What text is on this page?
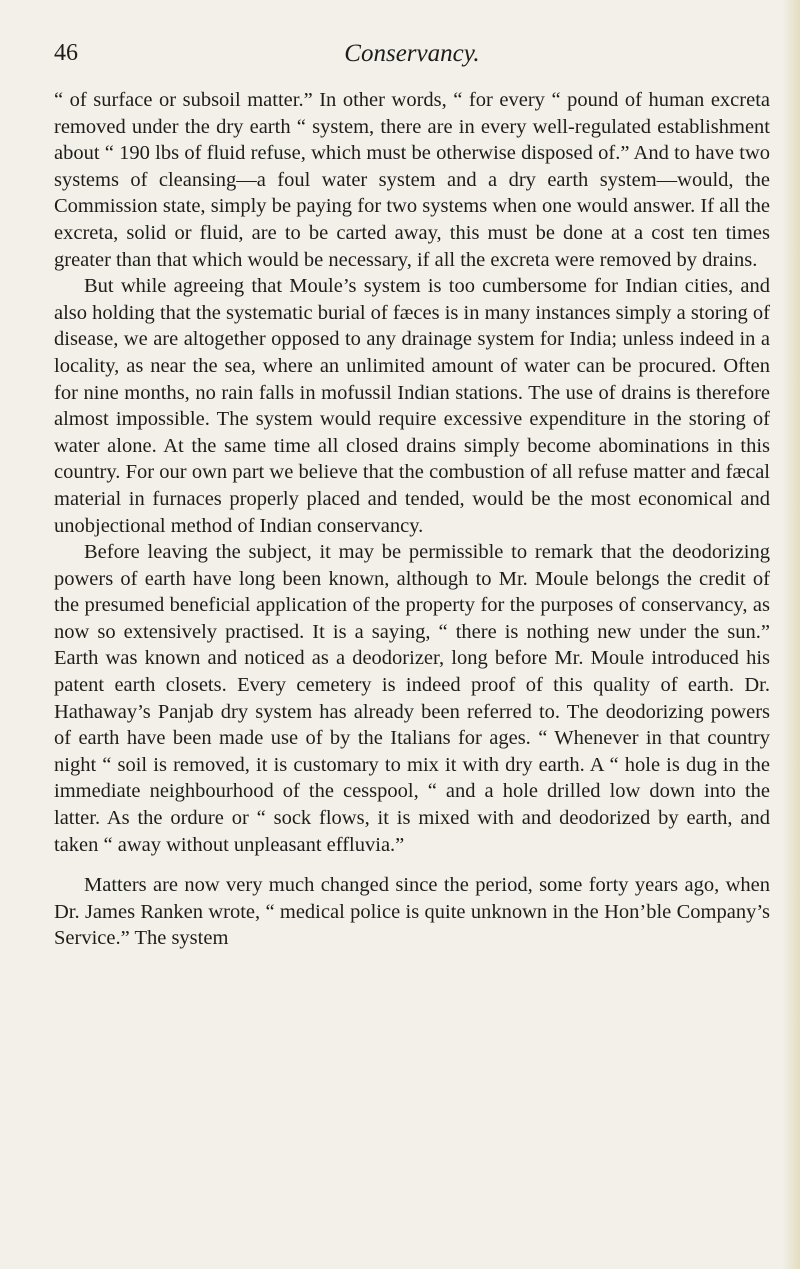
46	Conservancy.

“ of surface or subsoil matter.” In other words, “ for every “ pound of human excreta removed under the dry earth “ system, there are in every well-regulated establishment about “ 190 lbs of fluid refuse, which must be otherwise disposed of.” And to have two systems of cleansing—a foul water system and a dry earth system—would, the Commission state, simply be paying for two systems when one would answer. If all the excreta, solid or fluid, are to be carted away, this must be done at a cost ten times greater than that which would be necessary, if all the excreta were removed by drains.

But while agreeing that Moule’s system is too cumbersome for Indian cities, and also holding that the systematic burial of fæces is in many instances simply a storing of disease, we are altogether opposed to any drainage system for India; unless indeed in a locality, as near the sea, where an unlimited amount of water can be procured. Often for nine months, no rain falls in mofussil Indian stations. The use of drains is therefore almost impossible. The system would require excessive expenditure in the storing of water alone. At the same time all closed drains simply become abominations in this country. For our own part we believe that the combustion of all refuse matter and fæcal material in furnaces properly placed and tended, would be the most economical and unobjectional method of Indian conservancy.

Before leaving the subject, it may be permissible to remark that the deodorizing powers of earth have long been known, although to Mr. Moule belongs the credit of the presumed beneficial application of the property for the purposes of conservancy, as now so extensively practised. It is a saying, “ there is nothing new under the sun.” Earth was known and noticed as a deodorizer, long before Mr. Moule introduced his patent earth closets. Every cemetery is indeed proof of this quality of earth. Dr. Hathaway’s Panjab dry system has already been referred to. The deodorizing powers of earth have been made use of by the Italians for ages. “ Whenever in that country night “ soil is removed, it is customary to mix it with dry earth. A “ hole is dug in the immediate neighbourhood of the cesspool, “ and a hole drilled low down into the latter. As the ordure or “ sock flows, it is mixed with and deodorized by earth, and taken “ away without unpleasant effluvia.”

Matters are now very much changed since the period, some forty years ago, when Dr. James Ranken wrote, “ medical police is quite unknown in the Hon’ble Company’s Service.” The system
